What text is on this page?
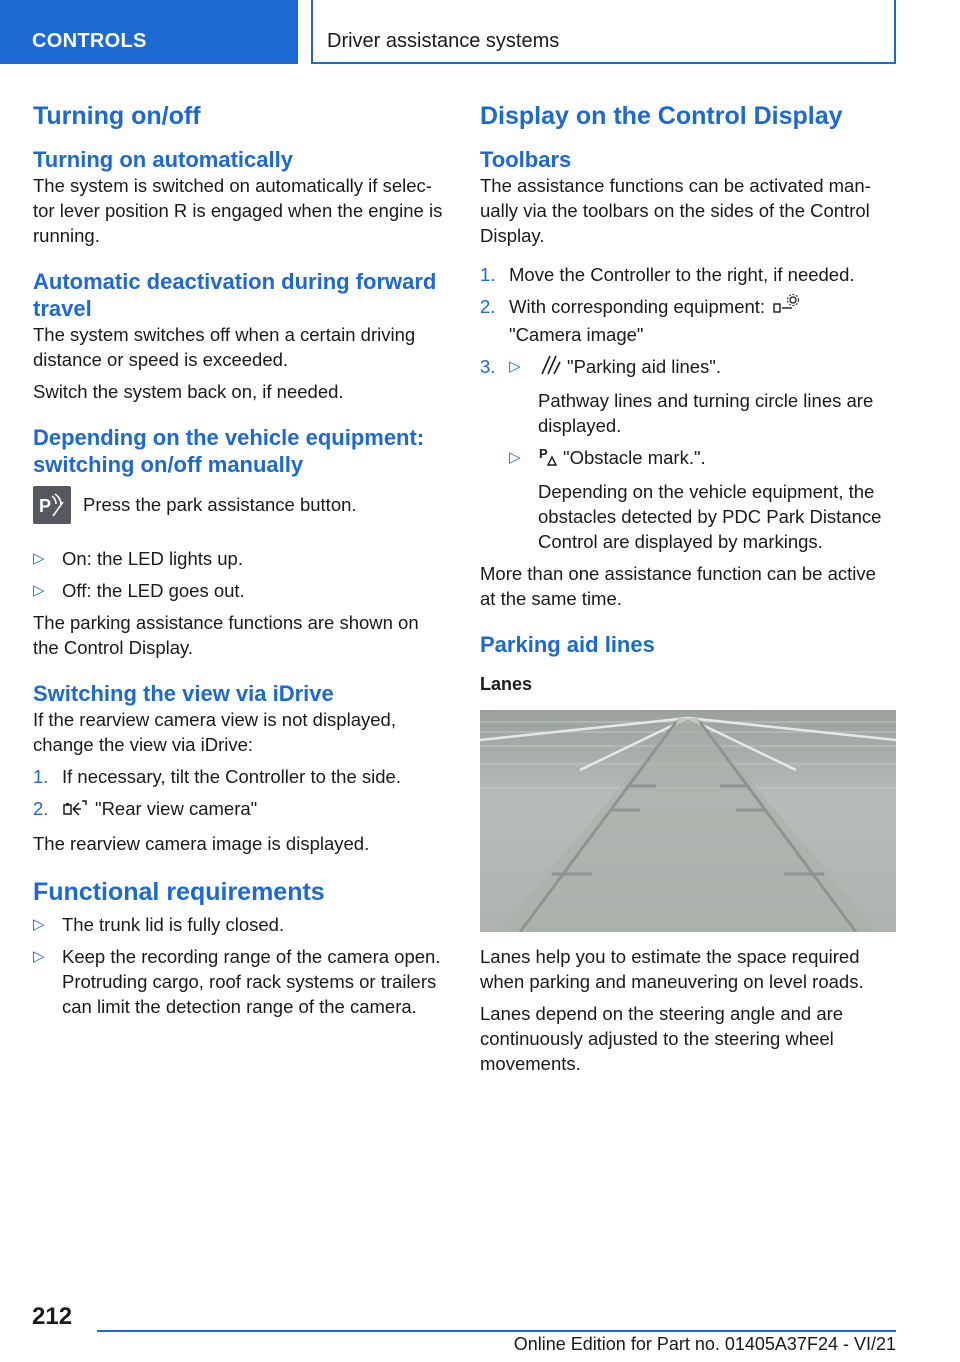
CONTROLS	Driver assistance systems
Turning on/off
Turning on automatically

The system is switched on automatically if selec‐tor lever position R is engaged when the engine is running.

Automatic deactivation during forward travel

The system switches off when a certain driving distance or speed is exceeded.

Switch the system back on, if needed.

Depending on the vehicle equipment: switching on/off manually
P Press the park assistance button.

▷ On: the LED lights up.
▷ Off: the LED goes out.

The parking assistance functions are shown on the Control Display.

Switching the view via iDrive

If the rearview camera view is not displayed, change the view via iDrive:

1. If necessary, tilt the Controller to the side.
2.	"Rear view camera"

The rearview camera image is displayed.

Functional requirements
▷ The trunk lid is fully closed.
▷ Keep the recording range of the camera open. Protruding cargo, roof rack systems or trailers can limit the detection range of the camera.
Display on the Control Display
Toolbars

The assistance functions can be activated man‐ually via the toolbars on the sides of the Control Display.

1. Move the Controller to the right, if needed.
2. With corresponding equipment:
"Camera image"
3. ▷	"Parking aid lines".

Pathway lines and turning circle lines are displayed.

▷ P "Obstacle mark.".

Depending on the vehicle equipment, the obstacles detected by PDC Park Distance Control are displayed by markings.

More than one assistance function can be active at the same time.

Parking aid lines
Lanes

Lanes help you to estimate the space required when parking and maneuvering on level roads.

Lanes depend on the steering angle and are continuously adjusted to the steering wheel movements.

212
Online Edition for Part no. 01405A37F24 - VI/21
